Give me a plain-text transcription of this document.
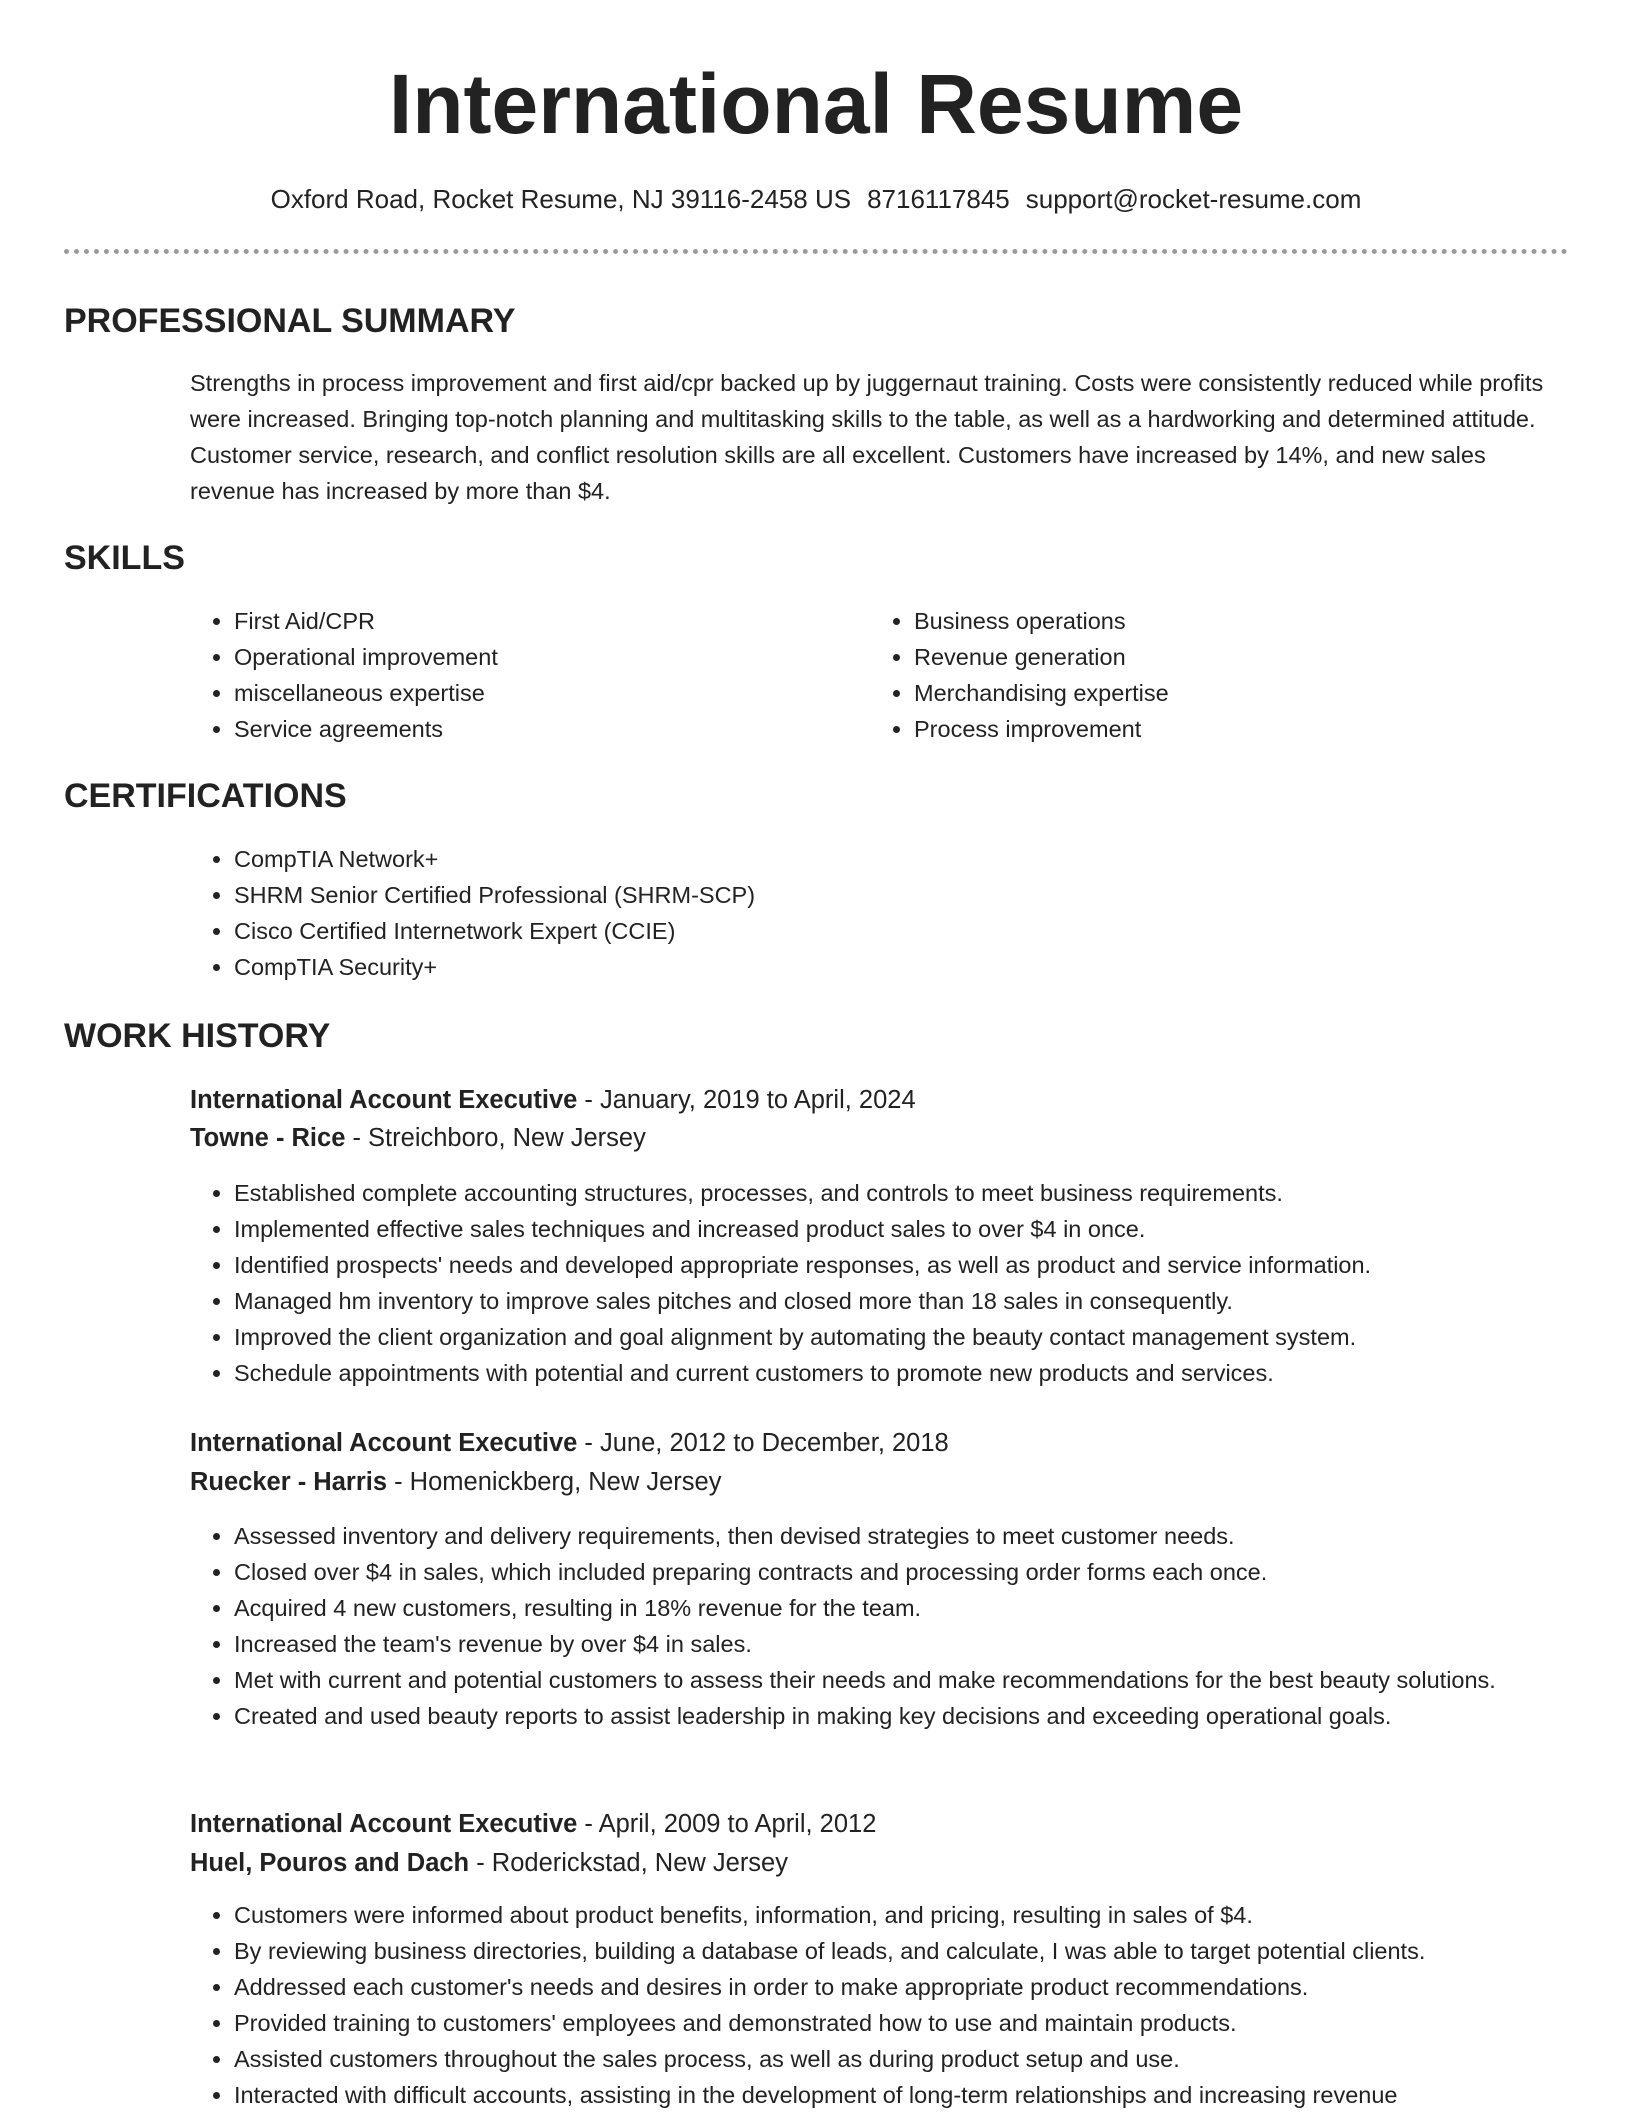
International Resume
Oxford Road, Rocket Resume, NJ 39116-2458 US 8716117845 support@rocket-resume.com
PROFESSIONAL SUMMARY
Strengths in process improvement and first aid/cpr backed up by juggernaut training. Costs were consistently reduced while profits were increased. Bringing top-notch planning and multitasking skills to the table, as well as a hardworking and determined attitude. Customer service, research, and conflict resolution skills are all excellent. Customers have increased by 14%, and new sales revenue has increased by more than $4.
SKILLS
• First Aid/CPR
• Operational improvement
• miscellaneous expertise
• Service agreements
• Business operations
• Revenue generation
• Merchandising expertise
• Process improvement
CERTIFICATIONS
• CompTIA Network+
• SHRM Senior Certified Professional (SHRM-SCP)
• Cisco Certified Internetwork Expert (CCIE)
• CompTIA Security+
WORK HISTORY
International Account Executive - January, 2019 to April, 2024
Towne - Rice - Streichboro, New Jersey
• Established complete accounting structures, processes, and controls to meet business requirements.
• Implemented effective sales techniques and increased product sales to over $4 in once.
• Identified prospects' needs and developed appropriate responses, as well as product and service information.
• Managed hm inventory to improve sales pitches and closed more than 18 sales in consequently.
• Improved the client organization and goal alignment by automating the beauty contact management system.
• Schedule appointments with potential and current customers to promote new products and services.
International Account Executive - June, 2012 to December, 2018
Ruecker - Harris - Homenickberg, New Jersey
• Assessed inventory and delivery requirements, then devised strategies to meet customer needs.
• Closed over $4 in sales, which included preparing contracts and processing order forms each once.
• Acquired 4 new customers, resulting in 18% revenue for the team.
• Increased the team's revenue by over $4 in sales.
• Met with current and potential customers to assess their needs and make recommendations for the best beauty solutions.
• Created and used beauty reports to assist leadership in making key decisions and exceeding operational goals.
International Account Executive - April, 2009 to April, 2012
Huel, Pouros and Dach - Roderickstad, New Jersey
• Customers were informed about product benefits, information, and pricing, resulting in sales of $4.
• By reviewing business directories, building a database of leads, and calculate, I was able to target potential clients.
• Addressed each customer's needs and desires in order to make appropriate product recommendations.
• Provided training to customers' employees and demonstrated how to use and maintain products.
• Assisted customers throughout the sales process, as well as during product setup and use.
• Interacted with difficult accounts, assisting in the development of long-term relationships and increasing revenue
